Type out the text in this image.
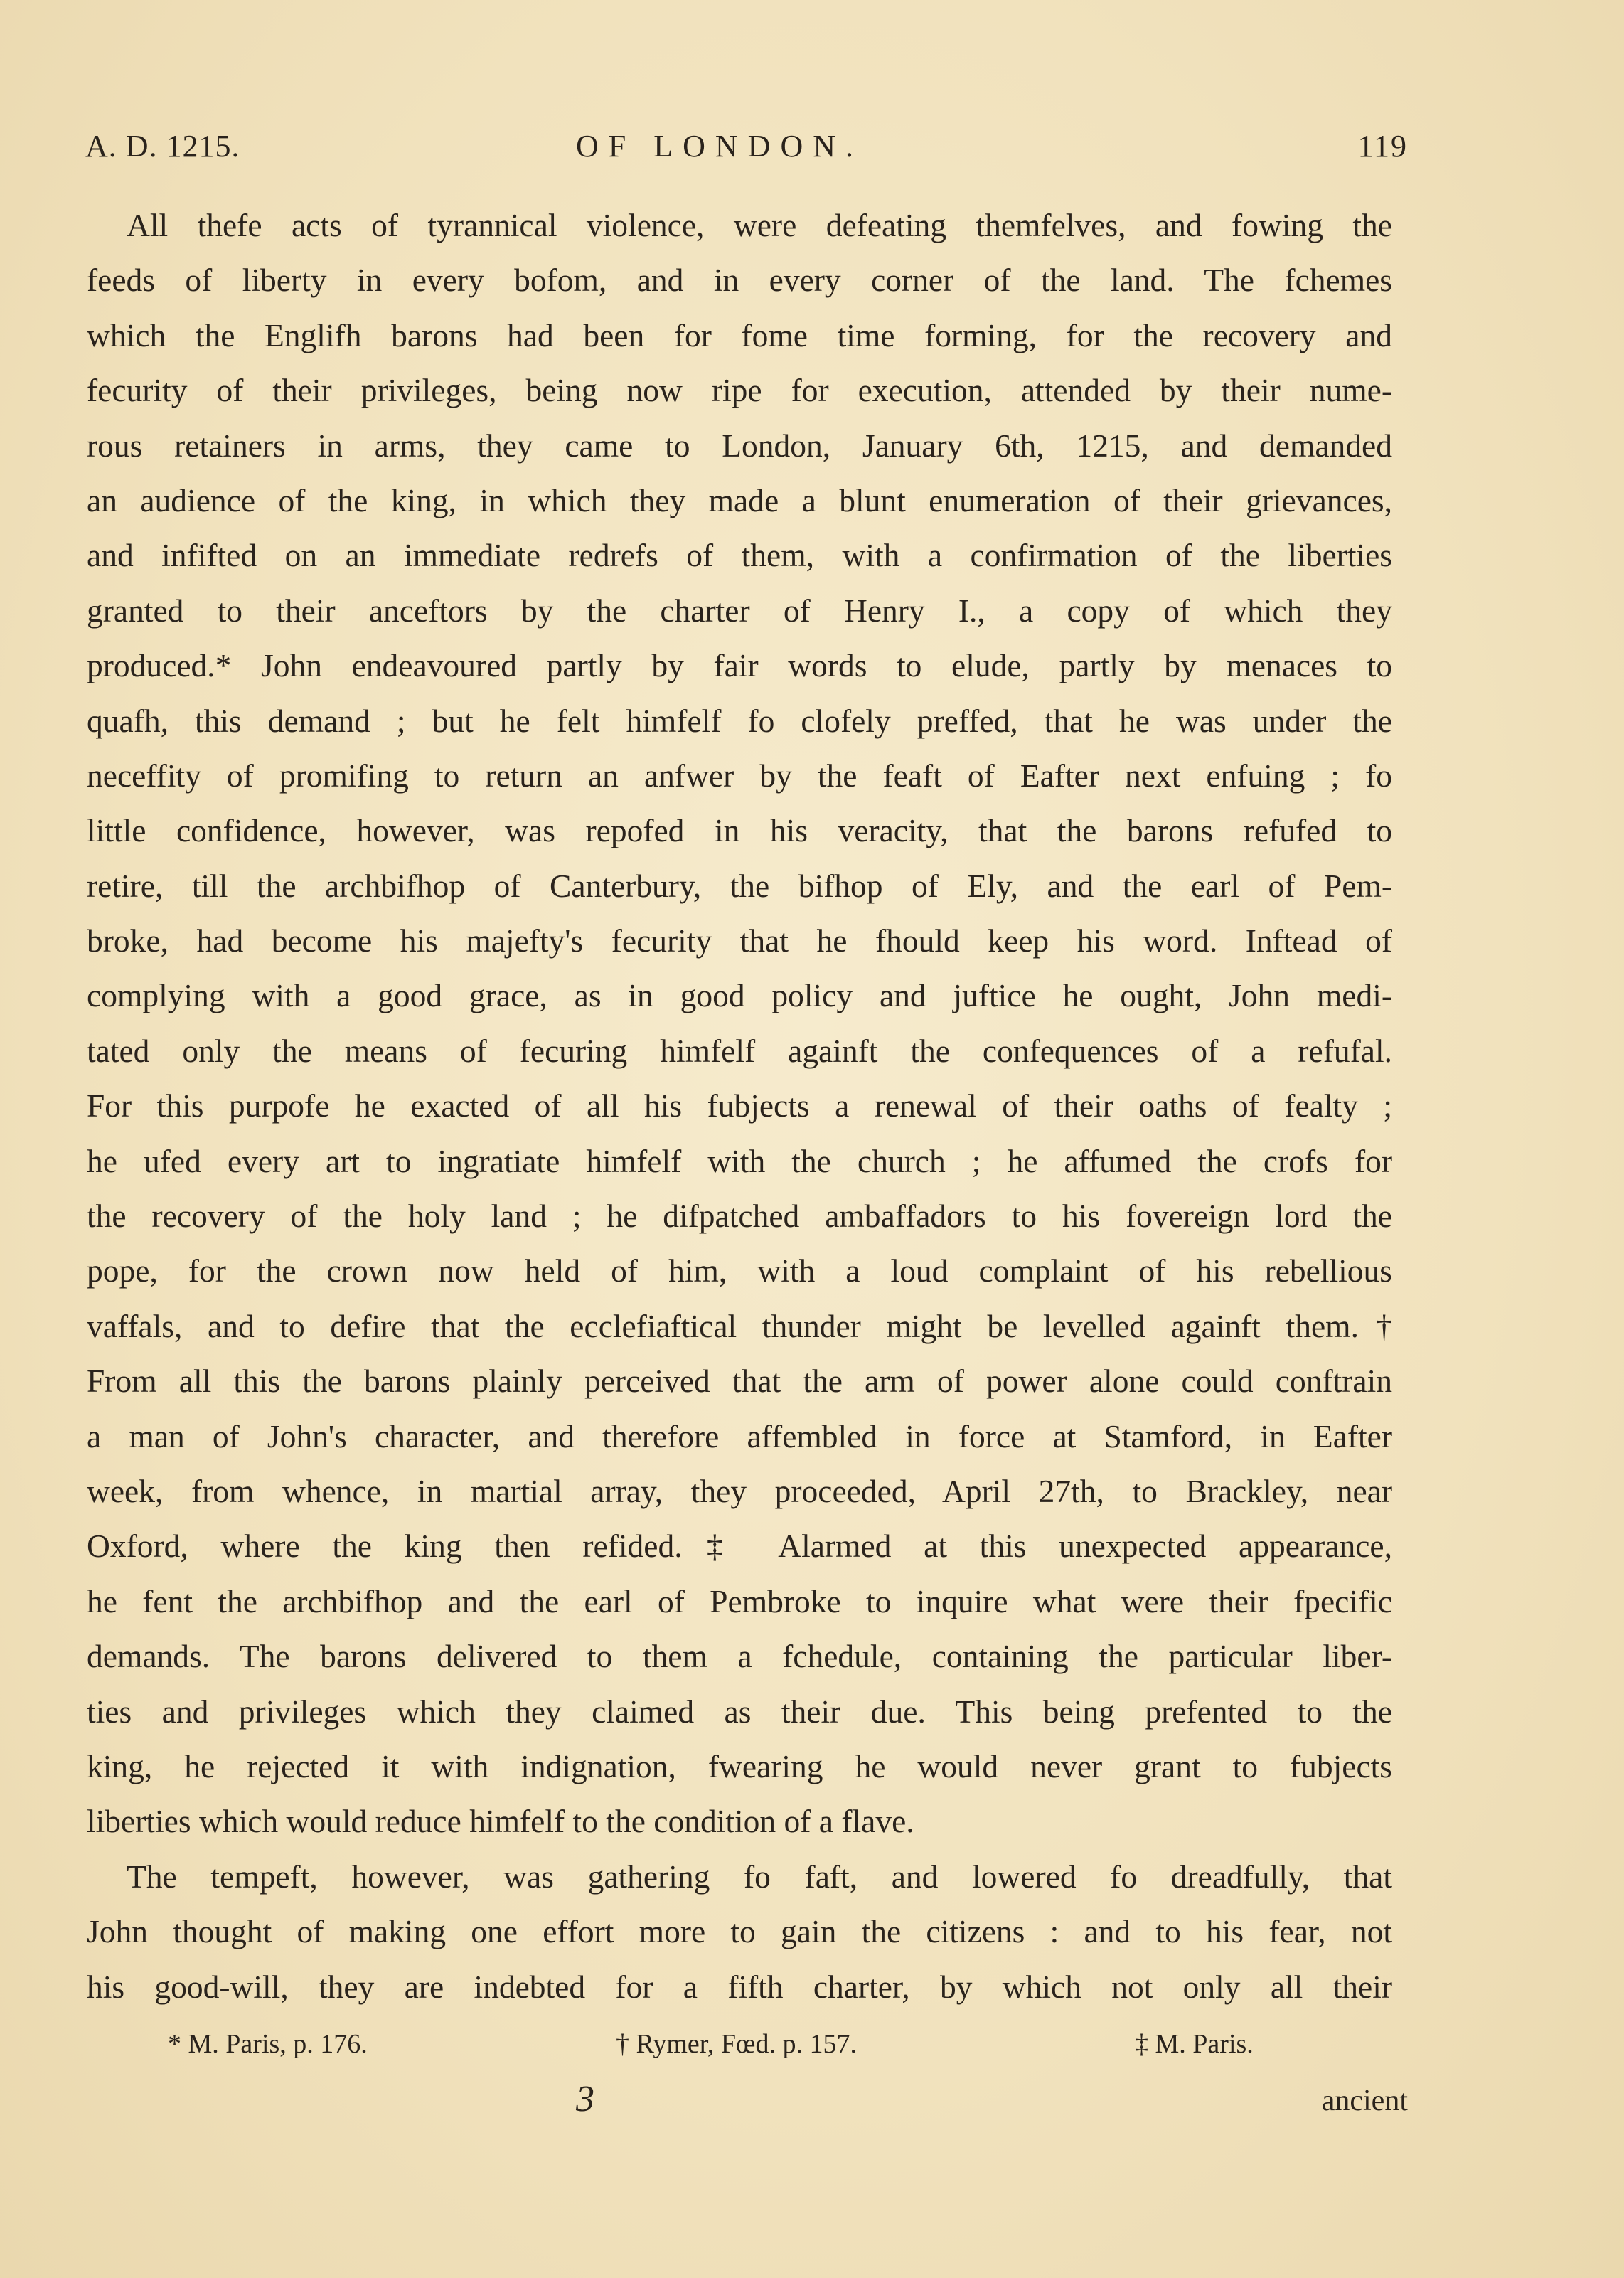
A. D. 1215.	OF LONDON.	119
All thefe acts of tyrannical violence, were defeating themfelves, and fowing the
feeds of liberty in every bofom, and in every corner of the land. The fchemes
which the Englifh barons had been for fome time forming, for the recovery and
fecurity of their privileges, being now ripe for execution, attended by their nume-
rous retainers in arms, they came to London, January 6th, 1215, and demanded
an audience of the king, in which they made a blunt enumeration of their grievances,
and infifted on an immediate redrefs of them, with a confirmation of the liberties
granted to their anceftors by the charter of Henry I., a copy of which they
produced.* John endeavoured partly by fair words to elude, partly by menaces to
quafh, this demand ; but he felt himfelf fo clofely preffed, that he was under the
neceffity of promifing to return an anfwer by the feaft of Eafter next enfuing ; fo
little confidence, however, was repofed in his veracity, that the barons refufed to
retire, till the archbifhop of Canterbury, the bifhop of Ely, and the earl of Pem-
broke, had become his majefty's fecurity that he fhould keep his word. Inftead of
complying with a good grace, as in good policy and juftice he ought, John medi-
tated only the means of fecuring himfelf againft the confequences of a refufal.
For this purpofe he exacted of all his fubjects a renewal of their oaths of fealty ;
he ufed every art to ingratiate himfelf with the church ; he affumed the crofs for
the recovery of the holy land ; he difpatched ambaffadors to his fovereign lord the
pope, for the crown now held of him, with a loud complaint of his rebellious
vaffals, and to defire that the ecclefiaftical thunder might be levelled againft them.†
From all this the barons plainly perceived that the arm of power alone could conftrain
a man of John's character, and therefore affembled in force at Stamford, in Eafter
week, from whence, in martial array, they proceeded, April 27th, to Brackley, near
Oxford, where the king then refided.‡ Alarmed at this unexpected appearance,
he fent the archbifhop and the earl of Pembroke to inquire what were their fpecific
demands. The barons delivered to them a fchedule, containing the particular liber-
ties and privileges which they claimed as their due. This being prefented to the
king, he rejected it with indignation, fwearing he would never grant to fubjects
liberties which would reduce himfelf to the condition of a flave.
The tempeft, however, was gathering fo faft, and lowered fo dreadfully, that
John thought of making one effort more to gain the citizens : and to his fear, not
his good-will, they are indebted for a fifth charter, by which not only all their
* M. Paris, p. 176.	† Rymer, Fœd. p. 157.	‡ M. Paris.
3	ancient
